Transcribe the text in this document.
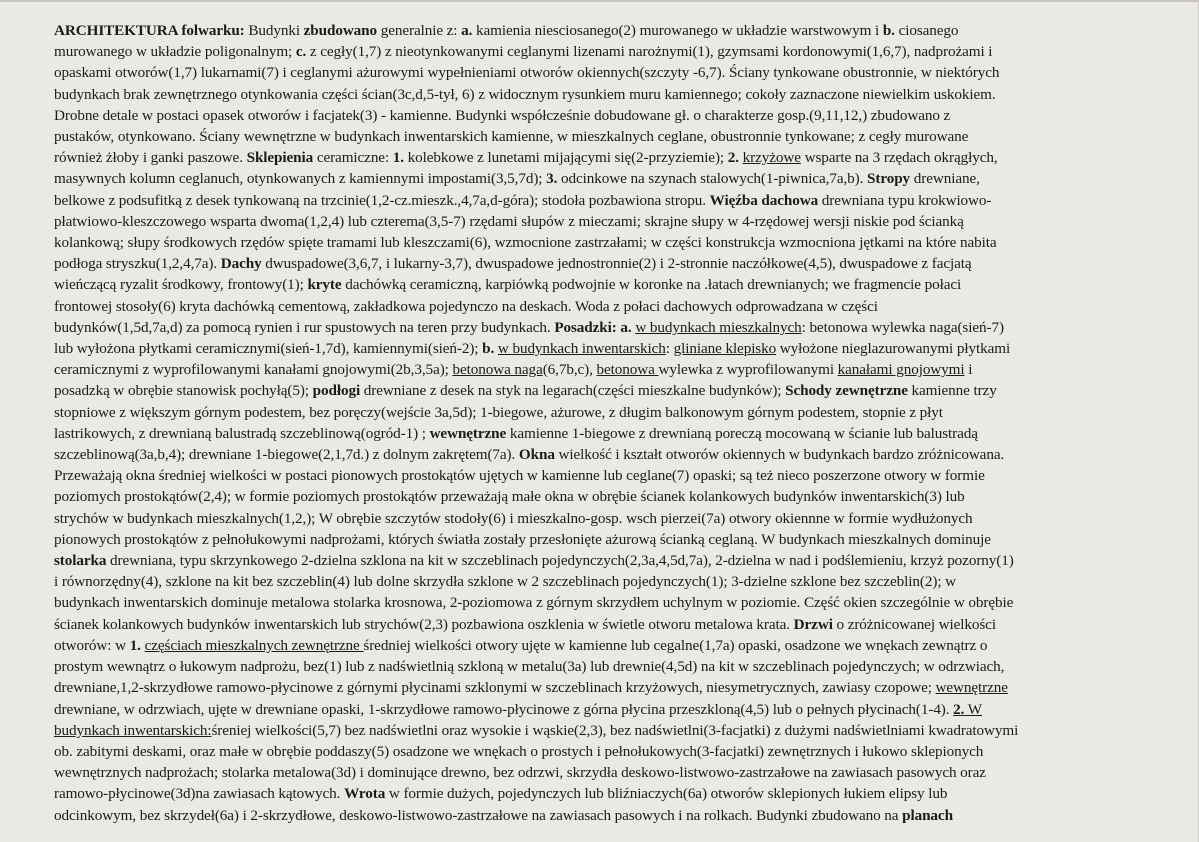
ARCHITEKTURA folwarku: Budynki zbudowano generalnie z: a. kamienia niesciosanego(2) murowanego w układzie warstwowym i b. ciosanego
murowanego w układzie poligonalnym; c. z cegły(1,7) z nieotynkowanymi ceglanymi lizenami narożnymi(1), gzymsami kordonowymi(1,6,7), nadprożami i
opaskami otworów(1,7) lukarnami(7) i ceglanymi ażurowymi wypełnieniami otworów okiennych(szczyty -6,7). Ściany tynkowane obustronnie, w niektórych
budynkach brak zewnętrznego otynkowania części ścian(3c,d,5-tył, 6) z widocznym rysunkiem muru kamiennego; cokoły zaznaczone niewielkim uskokiem.
Drobne detale w postaci opasek otworów i facjatek(3) - kamienne. Budynki współcześnie dobudowane gł. o charakterze gosp.(9,11,12,) zbudowano z
pustaków, otynkowano. Ściany wewnętrzne w budynkach inwentarskich kamienne, w mieszkalnych ceglane, obustronnie tynkowane; z cegły murowane
również żłoby i ganki paszowe. Sklepienia ceramiczne: 1. kolebkowe z lunetami mijającymi się(2-przyziemie); 2. krzyżowe wsparte na 3 rzędach okrągłych,
masywnych kolumn ceglanuch, otynkowanych z kamiennymi impostami(3,5,7d); 3. odcinkowe na szynach stalowych(1-piwnica,7a,b). Stropy drewniane,
belkowe z podsufitką z desek tynkowaną na trzcinie(1,2-cz.mieszk.,4,7a,d-góra); stodoła pozbawiona stropu. Więźba dachowa drewniana typu krokwiowo-
płatwiowo-kleszczowego wsparta dwoma(1,2,4) lub czterema(3,5-7) rzędami słupów z mieczami; skrajne słupy w 4-rzędowej wersji niskie pod ścianką
kolankową; słupy środkowych rzędów spięte tramami lub kleszczami(6), wzmocnione zastrzałami; w części konstrukcja wzmocniona jętkami na które nabita
podłoga stryszku(1,2,4,7a). Dachy dwuspadowe(3,6,7, i lukarny-3,7), dwuspadowe jednostronnie(2) i 2-stronnie naczółkowe(4,5), dwuspadowe z facjatą
wieńczącą ryzalit środkowy, frontowy(1); kryte dachówką ceramiczną, karpiówką podwojnie w koronke na .łatach drewnianych; we fragmencie połaci
frontowej stosoły(6) kryta dachówką cementową, zakładkowa pojedynczo na deskach. Woda z połaci dachowych odprowadzana w części
budynków(1,5d,7a,d) za pomocą rynien i rur spustowych na teren przy budynkach. Posadzki: a. w budynkach mieszkalnych: betonowa wylewka naga(sień-7)
lub wyłożona płytkami ceramicznymi(sień-1,7d), kamiennymi(sień-2); b. w budynkach inwentarskich: gliniane klepisko wyłożone nieglazurowanymi płytkami
ceramicznymi z wyprofilowanymi kanałami gnojowymi(2b,3,5a); betonowa naga(6,7b,c), betonowa wylewka z wyprofilowanymi kanałami gnojowymi i
posadzką w obrębie stanowisk pochyłą(5); podłogi drewniane z desek na styk na legarach(części mieszkalne budynków); Schody zewnętrzne kamienne trzy
stopniowe z większym górnym podestem, bez poręczy(wejście 3a,5d); 1-biegowe, ażurowe, z długim balkonowym górnym podestem, stopnie z płyt
lastrikowych, z drewnianą balustradą szczeblinową(ogród-1) ; wewnętrzne kamienne 1-biegowe z drewnianą poreczą mocowaną w ścianie lub balustradą
szczeblinową(3a,b,4); drewniane 1-biegowe(2,1,7d.) z dolnym zakrętem(7a). Okna wielkość i kształt otworów okiennych w budynkach bardzo zróżnicowana.
Przeważają okna średniej wielkości w postaci pionowych prostokątów ujętych w kamienne lub ceglane(7) opaski; są też nieco poszerzone otwory w formie
poziomych prostokątów(2,4); w formie poziomych prostokątów przeważają małe okna w obrębie ścianek kolankowych budynków inwentarskich(3) lub
strychów w budynkach mieszkalnych(1,2,); W obrębie szczytów stodoły(6) i mieszkalno-gosp. wsch pierzei(7a) otwory okiennne w formie wydłużonych
pionowych prostokątów z pełnołukowymi nadprożami, których światła zostały przesłonięte ażurową ścianką ceglaną. W budynkach mieszkalnych dominuje
stolarka drewniana, typu skrzynkowego 2-dzielna szklona na kit w szczeblinach pojedynczych(2,3a,4,5d,7a), 2-dzielna w nad i podślemieniu, krzyż pozorny(1)
i równorzędny(4), szklone na kit bez szczeblin(4) lub dolne skrzydła szklone w 2 szczeblinach pojedynczych(1); 3-dzielne szklone bez szczeblin(2); w
budynkach inwentarskich dominuje metalowa stolarka krosnowa, 2-poziomowa z górnym skrzydłem uchylnym w poziomie. Część okien szczególnie w obrębie
ścianek kolankowych budynków inwentarskich lub strychów(2,3) pozbawiona oszklenia w świetle otworu metalowa krata. Drzwi o zróżnicowanej wielkości
otworów: w 1. częściach mieszkalnych zewnętrzne średniej wielkości otwory ujęte w kamienne lub cegalne(1,7a) opaski, osadzone we wnękach zewnątrz o
prostym wewnątrz o łukowym nadprożu, bez(1) lub z nadświetlnią szkloną w metalu(3a) lub drewnie(4,5d) na kit w szczeblinach pojedynczych; w odrzwiach,
drewniane,1,2-skrzydłowe ramowo-płycinowe z górnymi płycinami szklonymi w szczeblinach krzyżowych, niesymetrycznych, zawiasy czopowe; wewnętrzne
drewniane, w odrzwiach, ujęte w drewniane opaski, 1-skrzydłowe ramowo-płycinowe z górna płycina przeszkloną(4,5) lub o pełnych płycinach(1-4). 2. W
budynkach inwentarskich:śreniej wielkości(5,7) bez nadświetlni oraz wysokie i wąskie(2,3), bez nadświetlni(3-facjatki) z dużymi nadświetlniami kwadratowymi
ob. zabitymi deskami, oraz małe w obrębie poddaszy(5) osadzone we wnękach o prostych i pełnołukowych(3-facjatki) zewnętrznych i łukowo sklepionych
wewnętrznych nadprożach; stolarka metalowa(3d) i dominujące drewno, bez odrzwi, skrzydła deskowo-listwowo-zastrzałowe na zawiasach pasowych oraz
ramowo-płycinowe(3d)na zawiasach kątowych. Wrota w formie dużych, pojedynczych lub bliźniaczych(6a) otworów sklepionych łukiem elipsy lub
odcinkowym, bez skrzydeł(6a) i 2-skrzydłowe, deskowo-listwowo-zastrzałowe na zawiasach pasowych i na rolkach. Budynki zbudowano na planach
